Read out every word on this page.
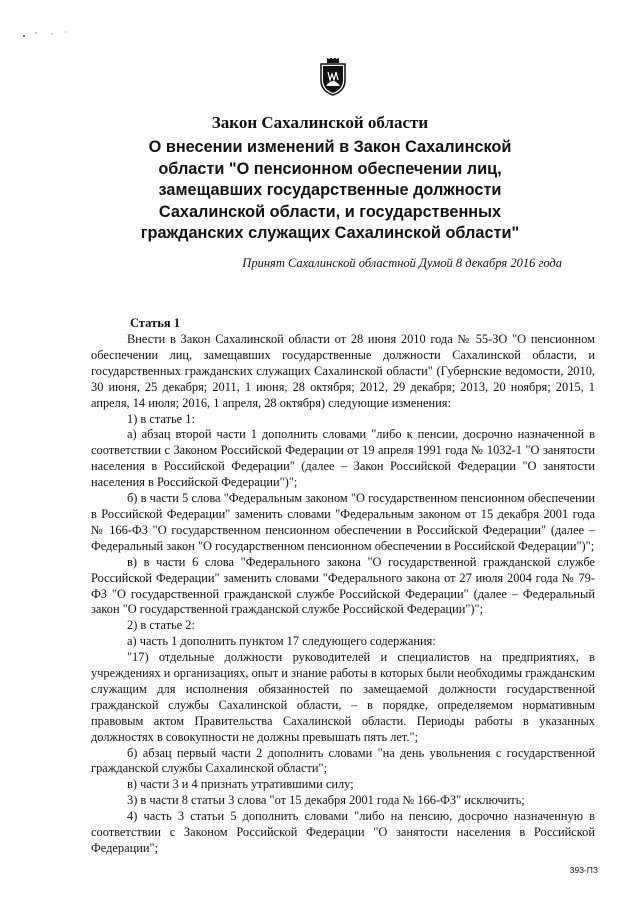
Закон Сахалинской области
О внесении изменений в Закон Сахалинской
области "О пенсионном обеспечении лиц,
замещавших государственные должности
Сахалинской области, и государственных
гражданских служащих Сахалинской области"

Принят Сахалинской областной Думой 8 декабря 2016 года

Статья 1

Внести в Закон Сахалинской области от 28 июня 2010 года № 55-ЗО "О пенсионном обеспечении лиц, замещавших государственные должности Сахалинской области, и государственных гражданских служащих Сахалинской области" (Губернские ведомости, 2010, 30 июня, 25 декабря; 2011, 1 июня, 28 октября; 2012, 29 декабря; 2013, 20 ноября; 2015, 1 апреля, 14 июля; 2016, 1 апреля, 28 октября) следующие изменения:

1) в статье 1:

а) абзац второй части 1 дополнить словами "либо к пенсии, досрочно назначенной в соответствии с Законом Российской Федерации от 19 апреля 1991 года № 1032-1 "О занятости населения в Российской Федерации" (далее – Закон Российской Федерации "О занятости населения в Российской Федерации")";

б) в части 5 слова "Федеральным законом "О государственном пенсионном обеспечении в Российской Федерации" заменить словами "Федеральным законом от 15 декабря 2001 года № 166-ФЗ "О государственном пенсионном обеспечении в Российской Федерации" (далее – Федеральный закон "О государственном пенсионном обеспечении в Российской Федерации")";

в) в части 6 слова "Федерального закона "О государственной гражданской службе Российской Федерации" заменить словами "Федерального закона от 27 июля 2004 года № 79-ФЗ "О государственной гражданской службе Российской Федерации" (далее – Федеральный закон "О государственной гражданской службе Российской Федерации")";

2) в статье 2:

а) часть 1 дополнить пунктом 17 следующего содержания:

"17) отдельные должности руководителей и специалистов на предприятиях, в учреждениях и организациях, опыт и знание работы в которых были необходимы гражданским служащим для исполнения обязанностей по замещаемой должности государственной гражданской службы Сахалинской области, – в порядке, определяемом нормативным правовым актом Правительства Сахалинской области. Периоды работы в указанных должностях в совокупности не должны превышать пять лет.";

б) абзац первый части 2 дополнить словами "на день увольнения с государственной гражданской службы Сахалинской области";

в) части 3 и 4 признать утратившими силу;

3) в части 8 статьи 3 слова "от 15 декабря 2001 года № 166-ФЗ" исключить;

4) часть 3 статьи 5 дополнить словами "либо на пенсию, досрочно назначенную в соответствии с Законом Российской Федерации "О занятости населения в Российской Федерации";

393-ПЗ
